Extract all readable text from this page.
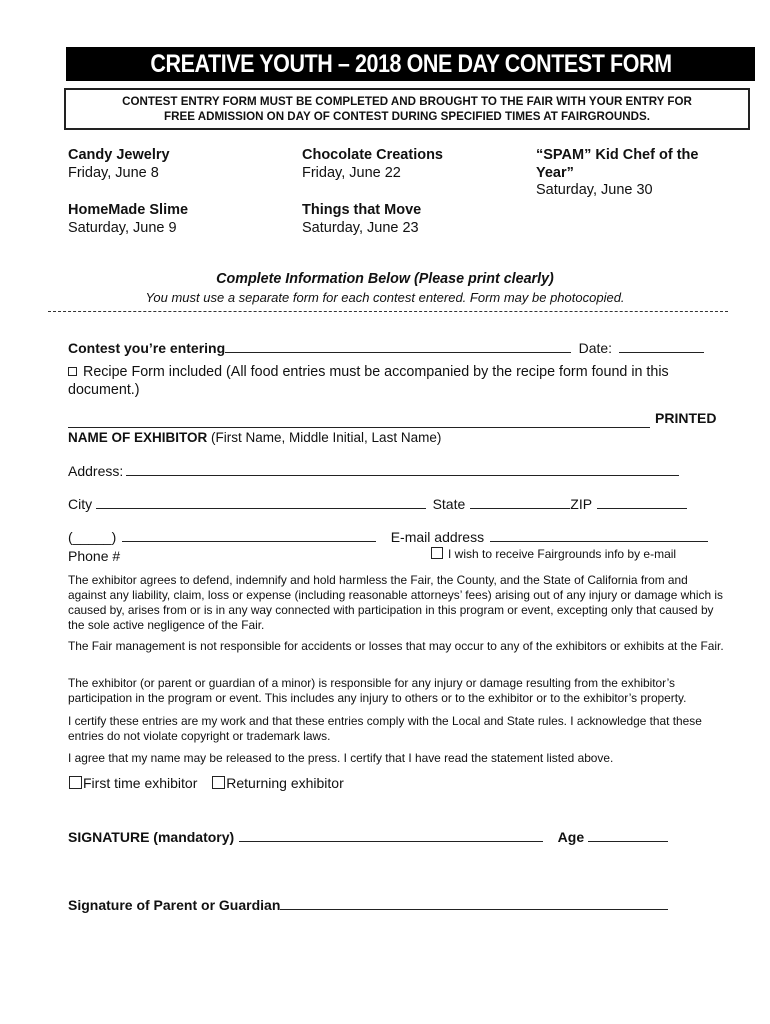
CREATIVE YOUTH – 2018 ONE DAY CONTEST FORM
CONTEST ENTRY FORM MUST BE COMPLETED AND BROUGHT TO THE FAIR WITH YOUR ENTRY FOR
FREE ADMISSION ON DAY OF CONTEST DURING SPECIFIED TIMES AT FAIRGROUNDS.
Candy Jewelry
Friday, June 8
HomeMade Slime
Saturday, June 9
Chocolate Creations
Friday, June 22
Things that Move
Saturday, June 23
“SPAM” Kid Chef of the
Year”
Saturday, June 30
Complete Information Below (Please print clearly)
You must use a separate form for each contest entered. Form may be photocopied.
Contest you’re entering	Date:
Recipe Form included (All food entries must be accompanied by the recipe form found in this
document.)
PRINTED
NAME OF EXHIBITOR (First Name, Middle Initial, Last Name)
Address:
City	State	ZIP
(_____)	E-mail address
Phone #	I wish to receive Fairgrounds info by e-mail
The exhibitor agrees to defend, indemnify and hold harmless the Fair, the County, and the State of California from and against any liability, claim, loss or expense (including reasonable attorneys’ fees) arising out of any injury or damage which is caused by, arises from or is in any way connected with participation in this program or event, excepting only that caused by the sole active negligence of the Fair.
The Fair management is not responsible for accidents or losses that may occur to any of the exhibitors or exhibits at the Fair.
The exhibitor (or parent or guardian of a minor) is responsible for any injury or damage resulting from the exhibitor’s participation in the program or event. This includes any injury to others or to the exhibitor or to the exhibitor’s property.
I certify these entries are my work and that these entries comply with the Local and State rules. I acknowledge that these entries do not violate copyright or trademark laws.
I agree that my name may be released to the press. I certify that I have read the statement listed above.
First time exhibitor Returning exhibitor
SIGNATURE (mandatory)	Age
Signature of Parent or Guardian
